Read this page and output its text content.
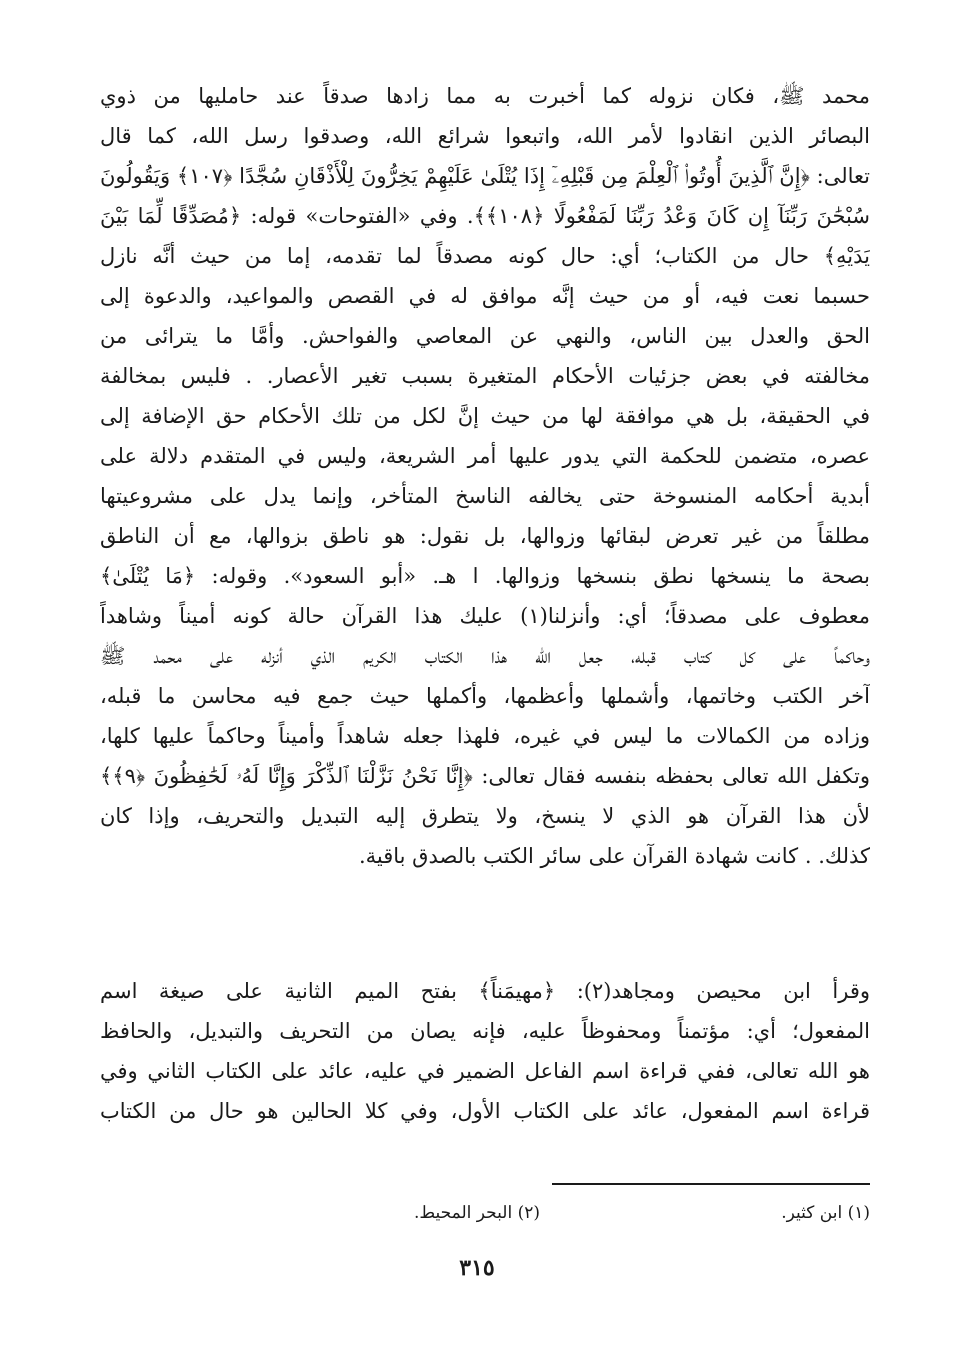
محمد ﷺ، فكان نزوله كما أخبرت به مما زادها صدقاً عند حامليها من ذوي
البصائر الذين انقادوا لأمر الله، واتبعوا شرائع الله، وصدقوا رسل الله، كما قال
تعالى: ﴿إِنَّ ٱلَّذِينَ أُوتُوا۟ ٱلْعِلْمَ مِن قَبْلِهِۦٓ إِذَا يُتْلَىٰ عَلَيْهِمْ يَخِرُّونَ لِلْأَذْقَانِ سُجَّدًا ﴿١٠٧﴾ وَيَقُولُونَ
سُبْحَٰنَ رَبِّنَآ إِن كَانَ وَعْدُ رَبِّنَا لَمَفْعُولًا ﴿١٠٨﴾﴾. وفي «الفتوحات» قوله: ﴿مُصَدِّقًا لِّمَا بَيْنَ
يَدَيْهِ﴾ حال من الكتاب؛ أي: حال كونه مصدقاً لما تقدمه، إما من حيث أنَّه نازل
حسبما نعت فيه، أو من حيث إنَّه موافق له في القصص والمواعيد، والدعوة إلى
الحق والعدل بين الناس، والنهي عن المعاصي والفواحش. وأمَّا ما يترائى من
مخالفته في بعض جزئيات الأحكام المتغيرة بسبب تغير الأعصار. . فليس بمخالفة
في الحقيقة، بل هي موافقة لها من حيث إنَّ لكل من تلك الأحكام حق الإضافة إلى
عصره، متضمن للحكمة التي يدور عليها أمر الشريعة، وليس في المتقدم دلالة على
أبدية أحكامه المنسوخة حتى يخالفه الناسخ المتأخر، وإنما يدل على مشروعيتها
مطلقاً من غير تعرض لبقائها وزوالها، بل نقول: هو ناطق بزوالها، مع أن الناطق
بصحة ما ينسخها نطق بنسخها وزوالها. ا هـ. «أبو السعود». وقوله: ﴿مَا يُتْلَىٰ﴾
معطوف على مصدقاً؛ أي: وأنزلنا(١) عليك هذا القرآن حالة كونه أميناً وشاهداً
وحاكماً على كل كتاب قبله، جعل الله هذا الكتاب الكريم الذي أنزله على محمد ﷺ
آخر الكتب وخاتمها، وأشملها وأعظمها، وأكملها حيث جمع فيه محاسن ما قبله،
وزاده من الكمالات ما ليس في غيره، فلهذا جعله شاهداً وأميناً وحاكماً عليها كلها،
وتكفل الله تعالى بحفظه بنفسه فقال تعالى: ﴿إِنَّا نَحْنُ نَزَّلْنَا ٱلذِّكْرَ وَإِنَّا لَهُۥ لَحَٰفِظُونَ ﴿٩﴾﴾
لأن هذا القرآن هو الذي لا ينسخ، ولا يتطرق إليه التبديل والتحريف، وإذا كان
كذلك. . كانت شهادة القرآن على سائر الكتب بالصدق باقية.
وقرأ ابن محيصن ومجاهد(٢): ﴿مهيمَناً﴾ بفتح الميم الثانية على صيغة اسم
المفعول؛ أي: مؤتمناً ومحفوظاً عليه، فإنه يصان من التحريف والتبديل، والحافظ
هو الله تعالى، ففي قراءة اسم الفاعل الضمير في عليه، عائد على الكتاب الثاني وفي
قراءة اسم المفعول، عائد على الكتاب الأول، وفي كلا الحالين هو حال من الكتاب
(١) ابن كثير.
(٢) البحر المحيط.
٣١٥
